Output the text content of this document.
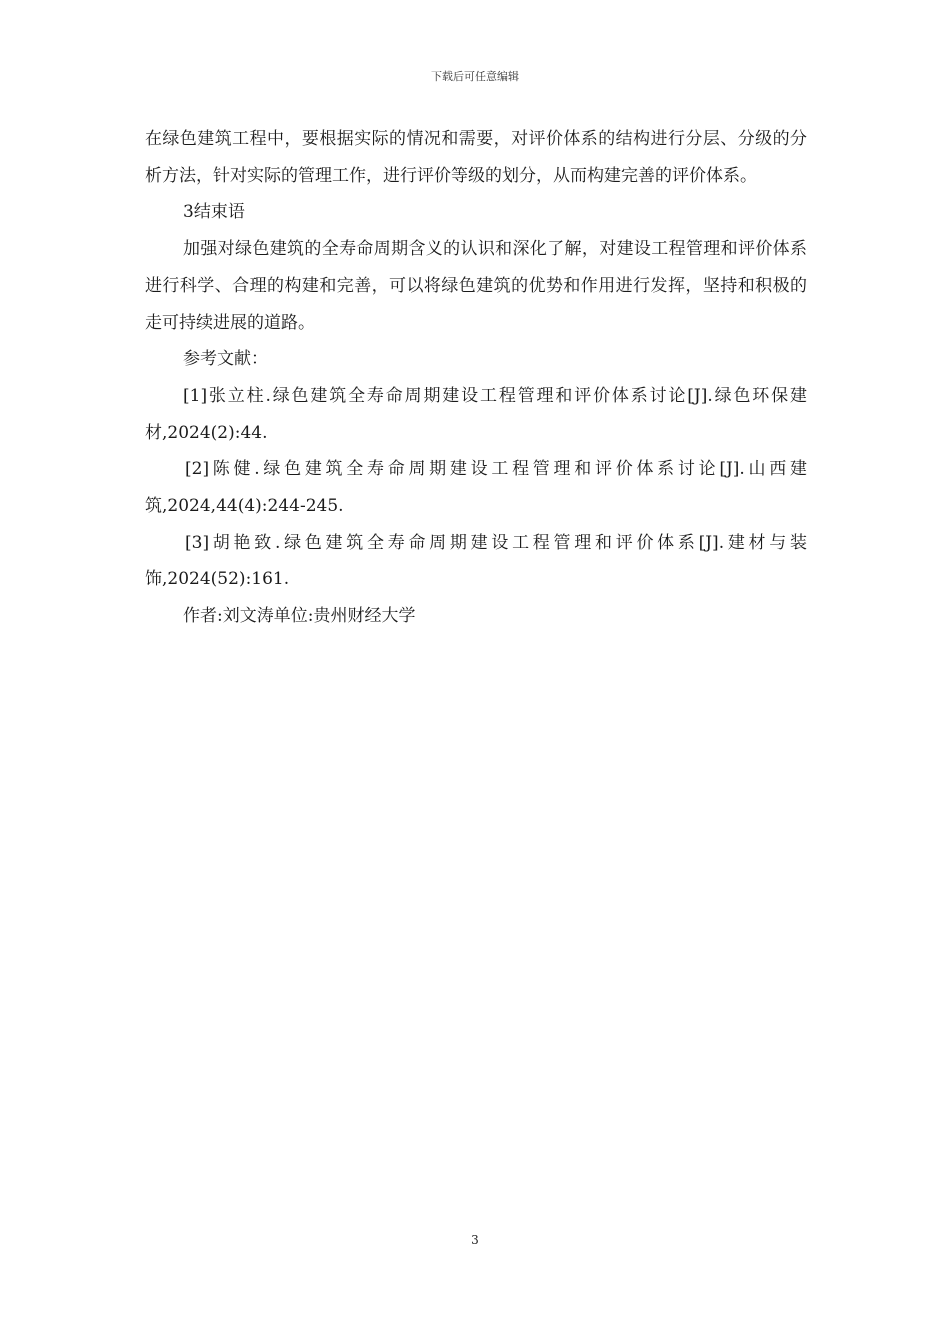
下载后可任意编辑

在绿色建筑工程中，要根据实际的情况和需要，对评价体系的结构进行分层、分级的分析方法，针对实际的管理工作，进行评价等级的划分，从而构建完善的评价体系。

3结束语

加强对绿色建筑的全寿命周期含义的认识和深化了解，对建设工程管理和评价体系进行科学、合理的构建和完善，可以将绿色建筑的优势和作用进行发挥，坚持和积极的走可持续进展的道路。

参考文献：

[1]张立柱.绿色建筑全寿命周期建设工程管理和评价体系讨论[J].绿色环保建材,2024(2):44.

[2]陈健.绿色建筑全寿命周期建设工程管理和评价体系讨论[J].山西建筑,2024,44(4):244-245.

[3]胡艳致.绿色建筑全寿命周期建设工程管理和评价体系[J].建材与装饰,2024(52):161.

作者:刘文涛单位:贵州财经大学

3
